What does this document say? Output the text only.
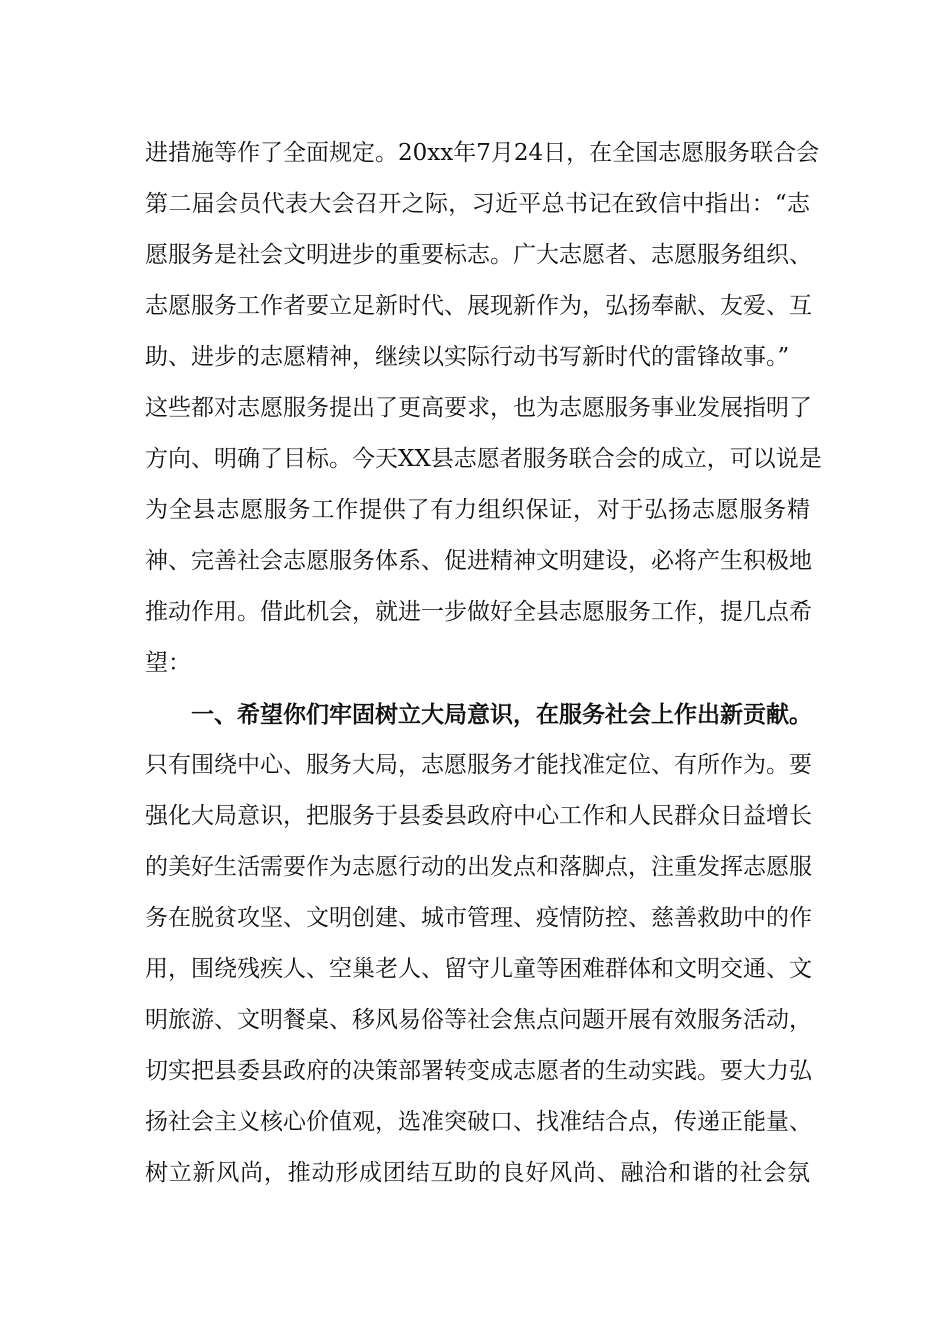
进措施等作了全面规定。20xx年7月24日，在全国志愿服务联合会
第二届会员代表大会召开之际，习近平总书记在致信中指出：“志
愿服务是社会文明进步的重要标志。广大志愿者、志愿服务组织、
志愿服务工作者要立足新时代、展现新作为，弘扬奉献、友爱、互
助、进步的志愿精神，继续以实际行动书写新时代的雷锋故事。”
这些都对志愿服务提出了更高要求，也为志愿服务事业发展指明了
方向、明确了目标。今天XX县志愿者服务联合会的成立，可以说是
为全县志愿服务工作提供了有力组织保证，对于弘扬志愿服务精
神、完善社会志愿服务体系、促进精神文明建设，必将产生积极地
推动作用。借此机会，就进一步做好全县志愿服务工作，提几点希
望：
一、希望你们牢固树立大局意识，在服务社会上作出新贡献。
只有围绕中心、服务大局，志愿服务才能找准定位、有所作为。要
强化大局意识，把服务于县委县政府中心工作和人民群众日益增长
的美好生活需要作为志愿行动的出发点和落脚点，注重发挥志愿服
务在脱贫攻坚、文明创建、城市管理、疫情防控、慈善救助中的作
用，围绕残疾人、空巢老人、留守儿童等困难群体和文明交通、文
明旅游、文明餐桌、移风易俗等社会焦点问题开展有效服务活动，
切实把县委县政府的决策部署转变成志愿者的生动实践。要大力弘
扬社会主义核心价值观，选准突破口、找准结合点，传递正能量、
树立新风尚，推动形成团结互助的良好风尚、融洽和谐的社会氛
